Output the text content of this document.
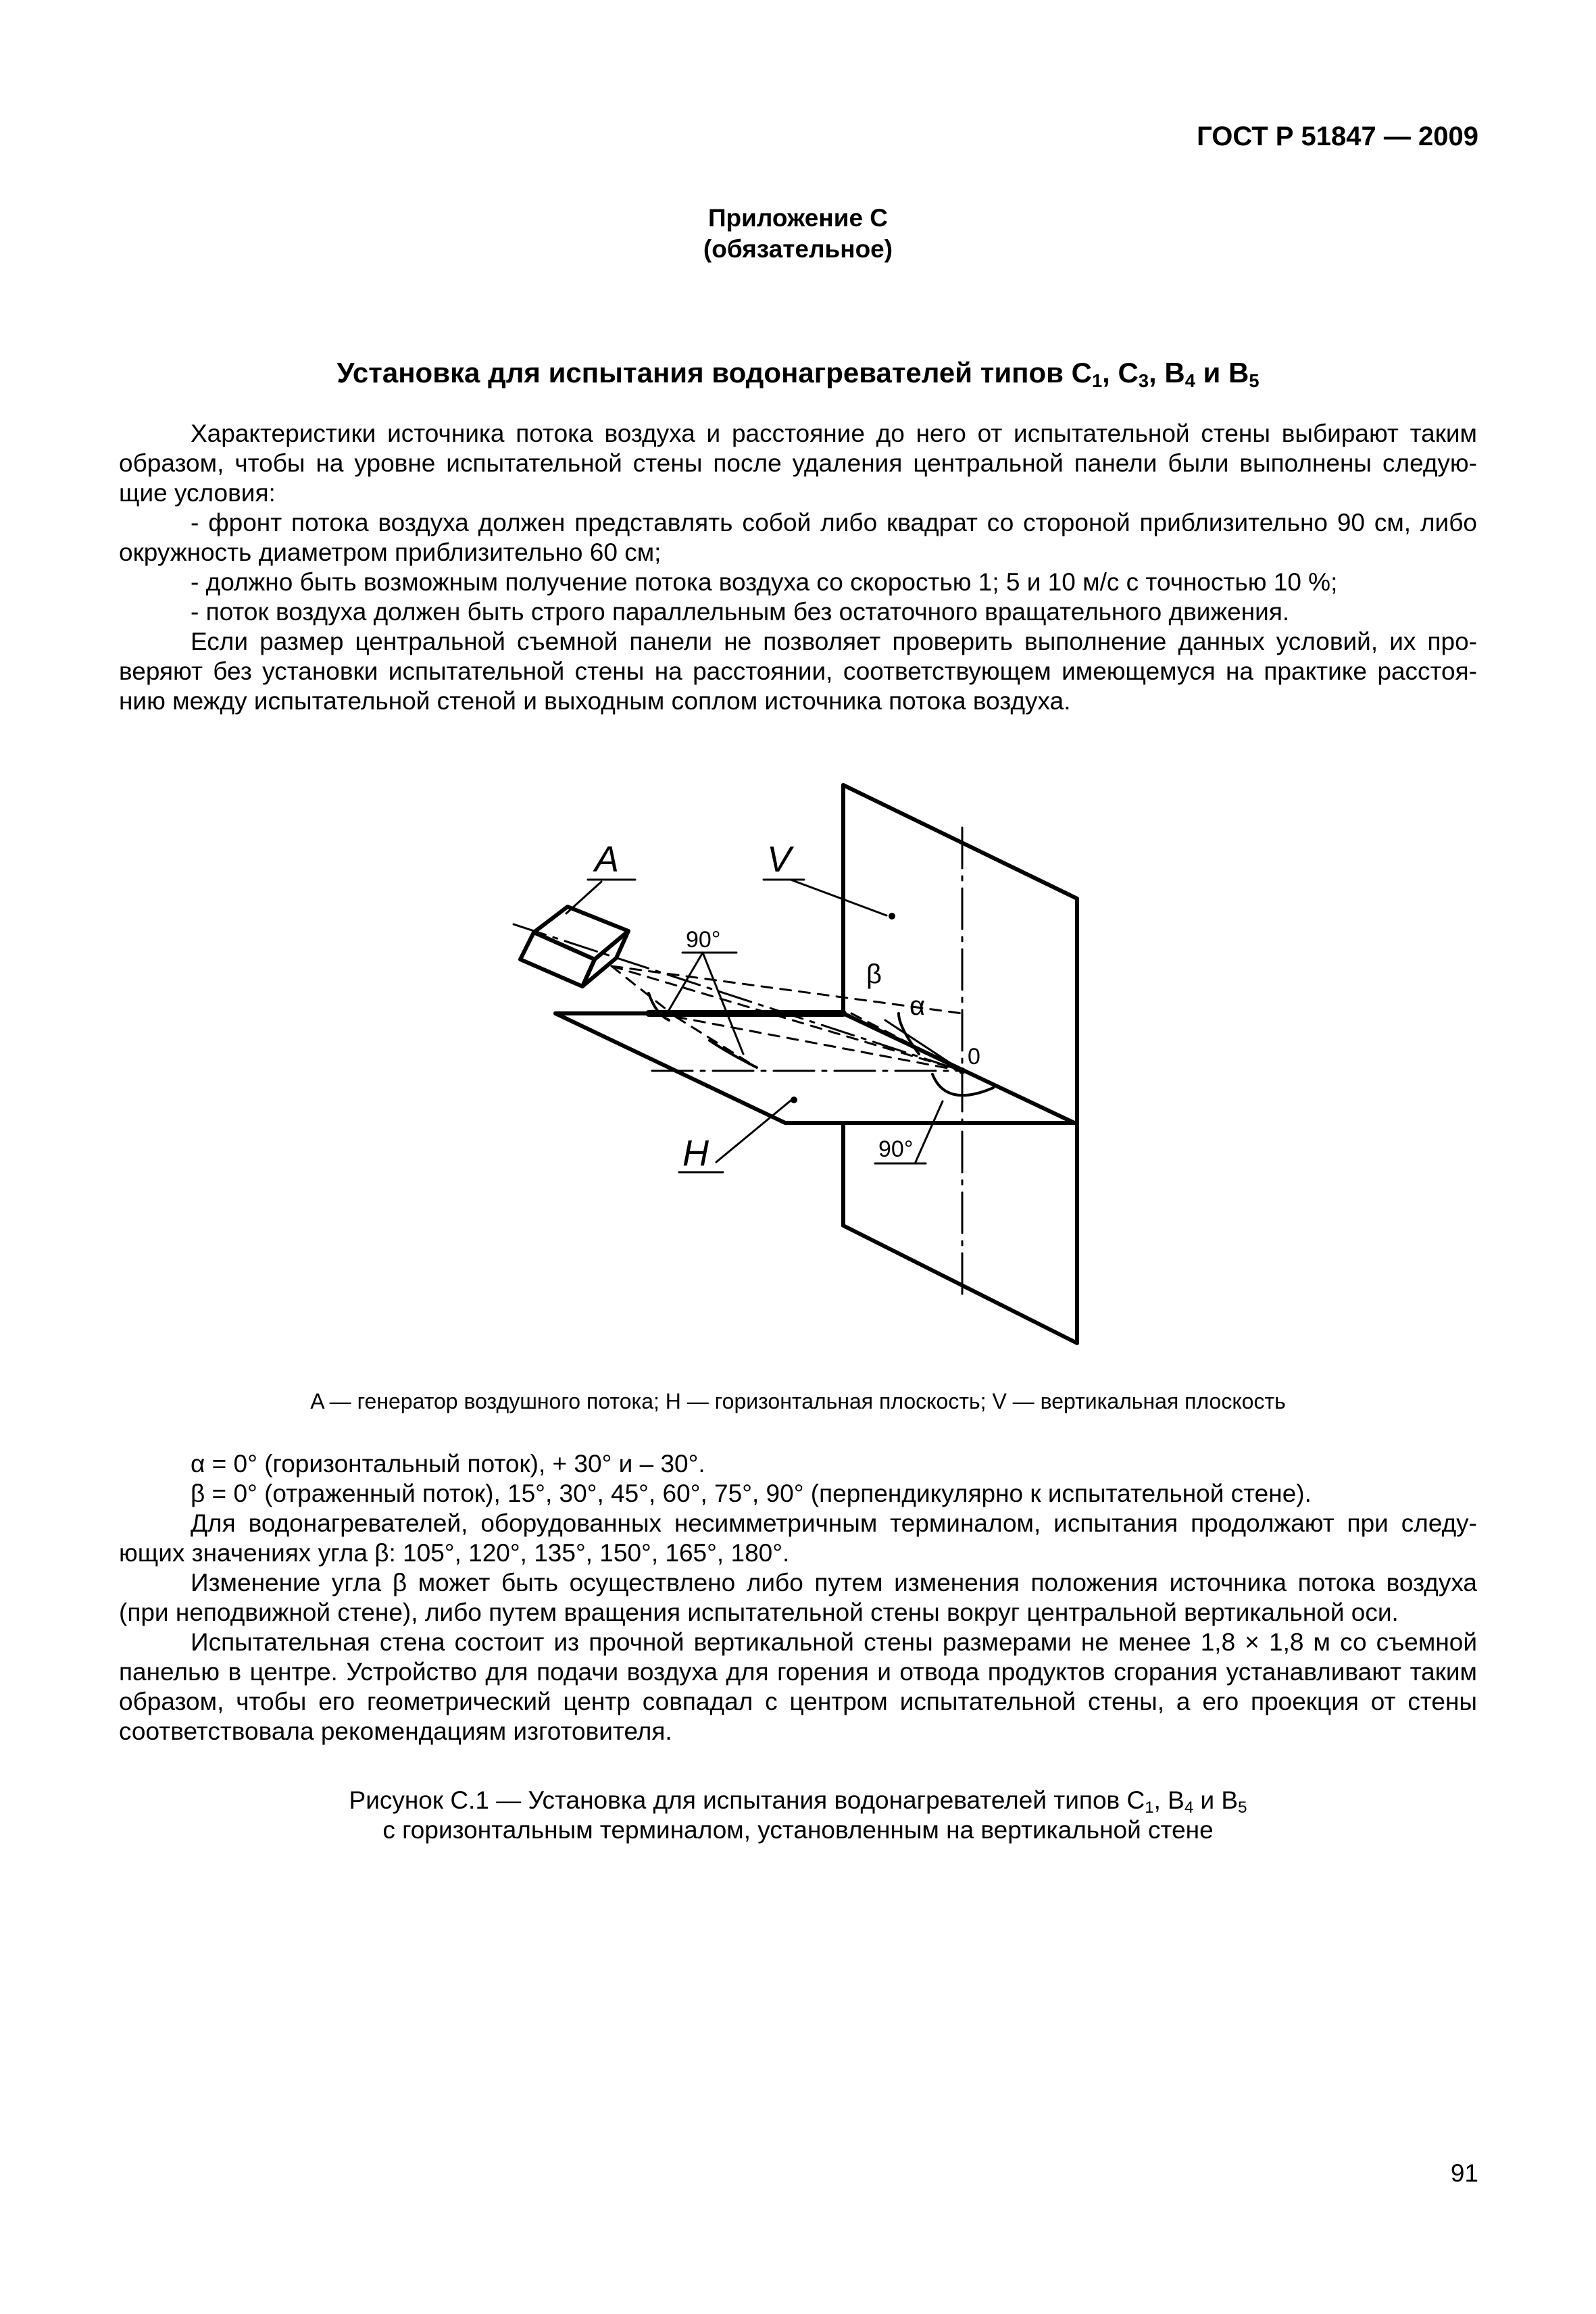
ГОСТ Р 51847 — 2009
Приложение С
(обязательное)
Установка для испытания водонагревателей типов $С_1$, $С_3$, $В_4$ и $В_5$

Характеристики источника потока воздуха и расстояние до него от испытательной стены выбирают таким образом, чтобы на уровне испытательной стены после удаления центральной панели были выполнены следую-щие условия:

- фронт потока воздуха должен представлять собой либо квадрат со стороной приблизительно 90 см, либо окружность диаметром приблизительно 60 см;

- должно быть возможным получение потока воздуха со скоростью 1; 5 и 10 м/с с точностью 10 %;

- поток воздуха должен быть строго параллельным без остаточного вращательного движения.

Если размер центральной съемной панели не позволяет проверить выполнение данных условий, их про-веряют без установки испытательной стены на расстоянии, соответствующем имеющемуся на практике расстоя-нию между испытательной стеной и выходным соплом источника потока воздуха.

A	V
H
90°
90°
β
α
0
A — генератор воздушного потока; H — горизонтальная плоскость; V — вертикальная плоскость

α = 0° (горизонтальный поток), + 30° и – 30°.

β = 0° (отраженный поток), 15°, 30°, 45°, 60°, 75°, 90° (перпендикулярно к испытательной стене).

Для водонагревателей, оборудованных несимметричным терминалом, испытания продолжают при следу-ющих значениях угла β: 105°, 120°, 135°, 150°, 165°, 180°.

Изменение угла β может быть осуществлено либо путем изменения положения источника потока воздуха (при неподвижной стене), либо путем вращения испытательной стены вокруг центральной вертикальной оси.

Испытательная стена состоит из прочной вертикальной стены размерами не менее 1,8 × 1,8 м со съемной панелью в центре. Устройство для подачи воздуха для горения и отвода продуктов сгорания устанавливают таким образом, чтобы его геометрический центр совпадал с центром испытательной стены, а его проекция от стены соответствовала рекомендациям изготовителя.

Рисунок С.1 — Установка для испытания водонагревателей типов $С_1$, $В_4$ и $В_5$
с горизонтальным терминалом, установленным на вертикальной стене
91
